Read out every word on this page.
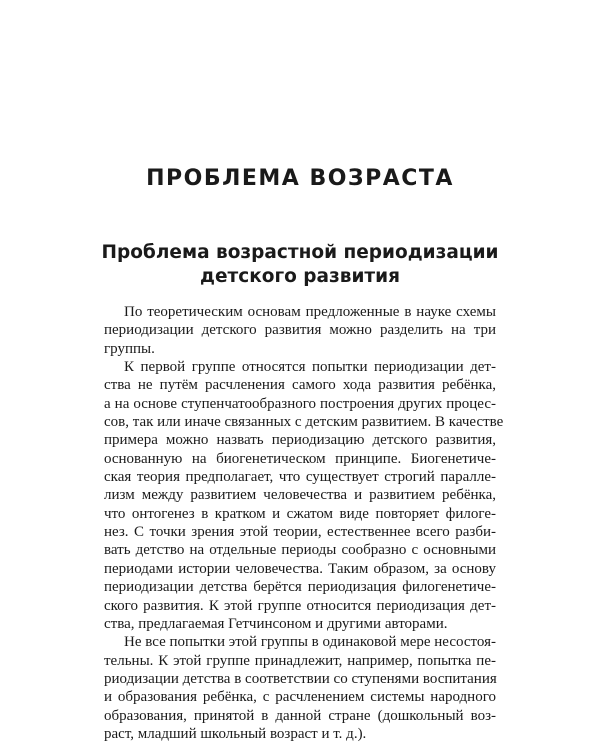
ПРОБЛЕМА ВОЗРАСТА
Проблема возрастной периодизации
детского развития
По теоретическим основам предложенные в науке схемы
периодизации детского развития можно разделить на три
группы.
К первой группе относятся попытки периодизации дет-
ства не путём расчленения самого хода развития ребёнка,
а на основе ступенчатообразного построения других процес-
сов, так или иначе связанных с детским развитием. В качестве
примера можно назвать периодизацию детского развития,
основанную на биогенетическом принципе. Биогенетиче-
ская теория предполагает, что существует строгий паралле-
лизм между развитием человечества и развитием ребёнка,
что онтогенез в кратком и сжатом виде повторяет филоге-
нез. С точки зрения этой теории, естественнее всего разби-
вать детство на отдельные периоды сообразно с основными
периодами истории человечества. Таким образом, за основу
периодизации детства берётся периодизация филогенетиче-
ского развития. К этой группе относится периодизация дет-
ства, предлагаемая Гетчинсоном и другими авторами.
Не все попытки этой группы в одинаковой мере несостоя-
тельны. К этой группе принадлежит, например, попытка пе-
риодизации детства в соответствии со ступенями воспитания
и образования ребёнка, с расчленением системы народного
образования, принятой в данной стране (дошкольный воз-
раст, младший школьный возраст и т. д.).
